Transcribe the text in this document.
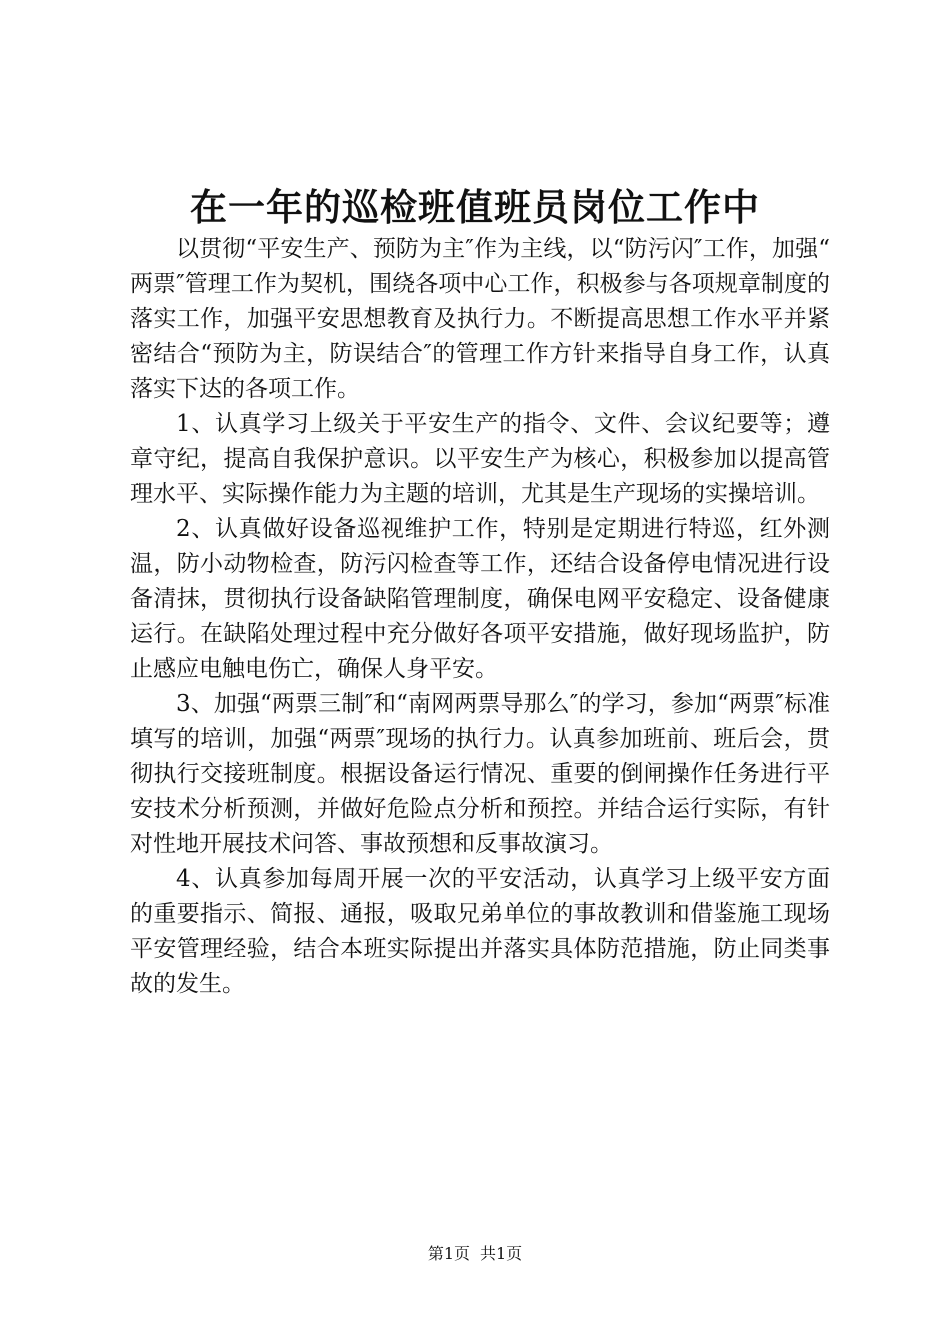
在一年的巡检班值班员岗位工作中

以贯彻“平安生产、预防为主″作为主线，以“防污闪″工作，加强“两票″管理工作为契机，围绕各项中心工作，积极参与各项规章制度的落实工作，加强平安思想教育及执行力。不断提高思想工作水平并紧密结合“预防为主，防误结合″的管理工作方针来指导自身工作，认真落实下达的各项工作。

1、认真学习上级关于平安生产的指令、文件、会议纪要等；遵章守纪，提高自我保护意识。以平安生产为核心，积极参加以提高管理水平、实际操作能力为主题的培训，尤其是生产现场的实操培训。

2、认真做好设备巡视维护工作，特别是定期进行特巡，红外测温，防小动物检查，防污闪检查等工作，还结合设备停电情况进行设备清抹，贯彻执行设备缺陷管理制度，确保电网平安稳定、设备健康运行。在缺陷处理过程中充分做好各项平安措施，做好现场监护，防止感应电触电伤亡，确保人身平安。

3、加强“两票三制″和“南网两票导那么″的学习，参加“两票″标准填写的培训，加强“两票″现场的执行力。认真参加班前、班后会，贯彻执行交接班制度。根据设备运行情况、重要的倒闸操作任务进行平安技术分析预测，并做好危险点分析和预控。并结合运行实际，有针对性地开展技术问答、事故预想和反事故演习。

4、认真参加每周开展一次的平安活动，认真学习上级平安方面的重要指示、简报、通报，吸取兄弟单位的事故教训和借鉴施工现场平安管理经验，结合本班实际提出并落实具体防范措施，防止同类事故的发生。

第1页 共1页
